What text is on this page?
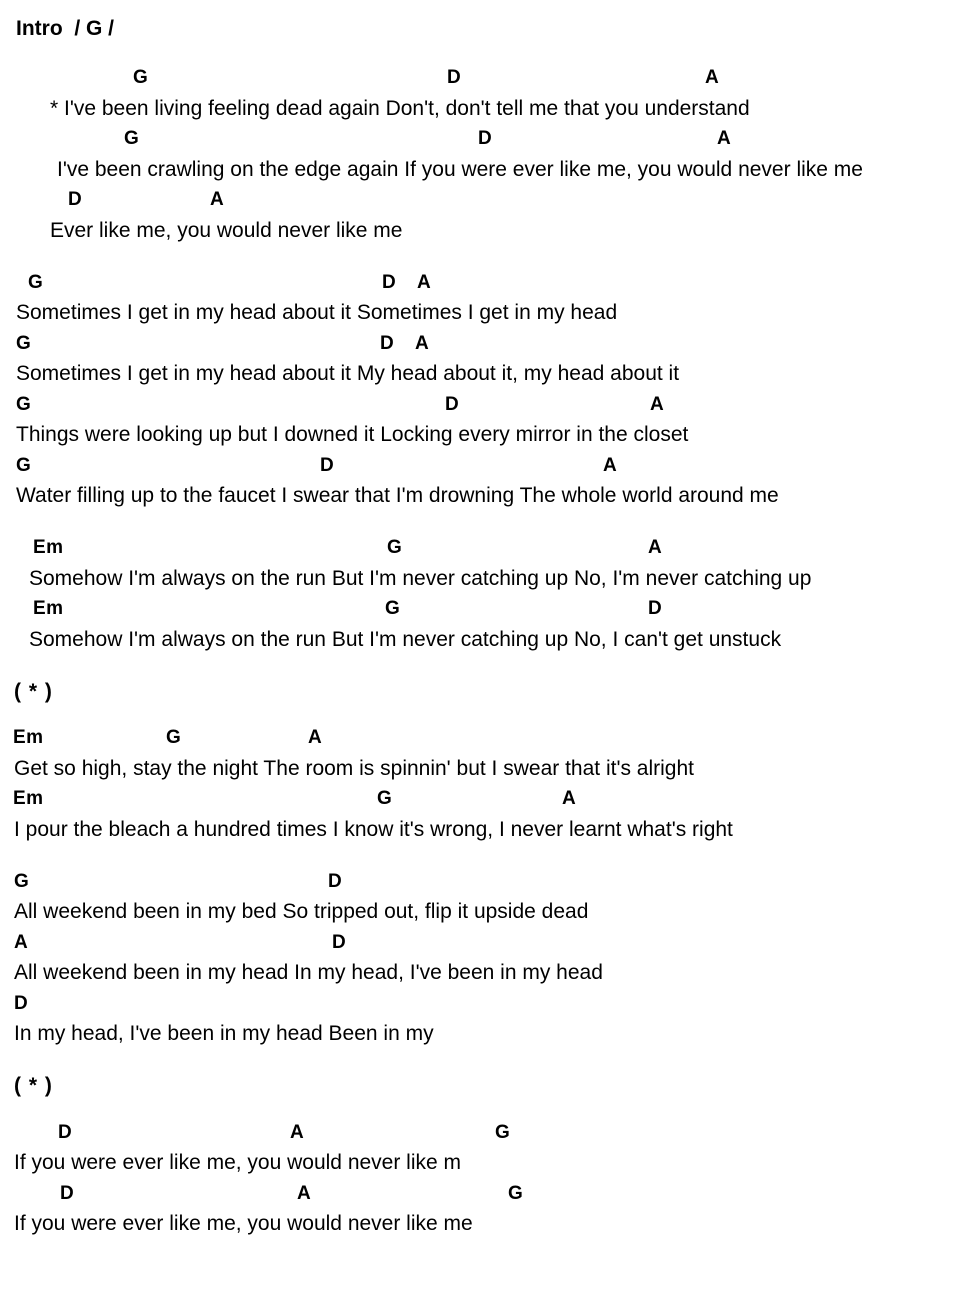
Intro  / G /
G	D	A
* I've been living feeling dead again Don't, don't tell me that you understand
G	D	A
I've been crawling on the edge again If you were ever like me, you would never like me
D	A
Ever like me, you would never like me
G	D A
Sometimes I get in my head about it Sometimes I get in my head
G	D A
Sometimes I get in my head about it My head about it, my head about it
G	D	A
Things were looking up but I downed it Locking every mirror in the closet
G	D	A
Water filling up to the faucet I swear that I'm drowning The whole world around me
Em	G	A
Somehow I'm always on the run But I'm never catching up No, I'm never catching up
Em	G	D
Somehow I'm always on the run But I'm never catching up No, I can't get unstuck
( * )
Em	G	A
Get so high, stay the night The room is spinnin' but I swear that it's alright
Em	G	A
I pour the bleach a hundred times I know it's wrong, I never learnt what's right
G	D
All weekend been in my bed So tripped out, flip it upside dead
A	D
All weekend been in my head In my head, I've been in my head
D
In my head, I've been in my head Been in my
( * )
D	A	G
If you were ever like me, you would never like m
D	A	G
If you were ever like me, you would never like me
